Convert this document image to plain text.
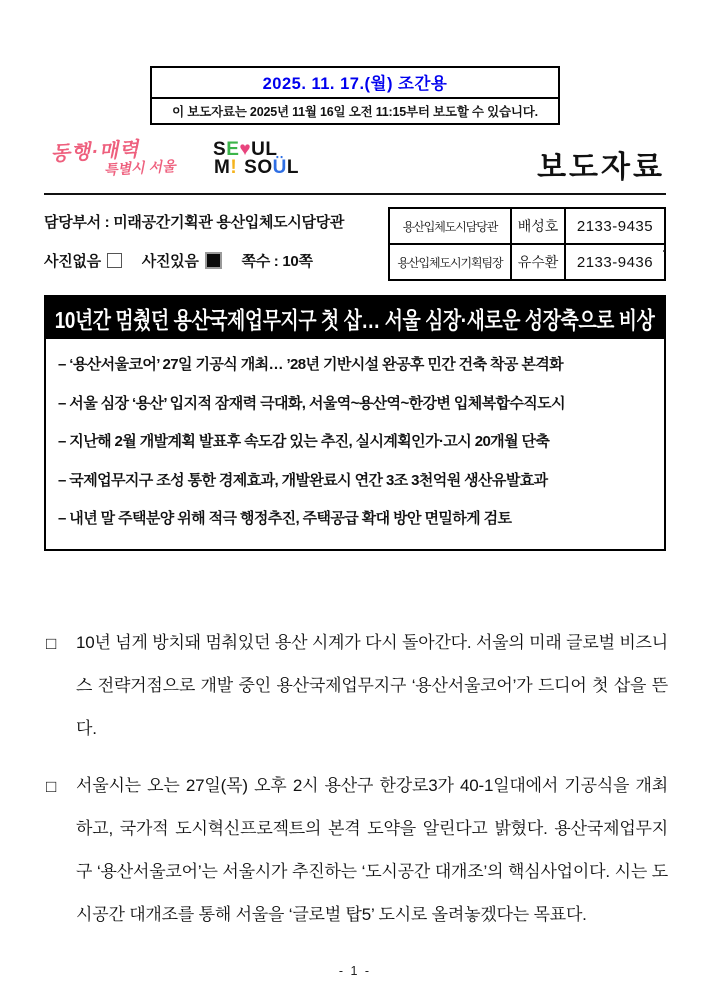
2025. 11. 17.(월) 조간용
이 보도자료는 2025년 11월 16일 오전 11:15부터 보도할 수 있습니다.
동행·매력
특별시 서울
SE♥UL
M! SOÜL	보도자료
담당부서 : 미래공간기획관 용산입체도시담당관
사진없음	사진있음	쪽수 :
10쪽
용산입체도시담당관	배성호	2133-9435
용산입체도시기획팀장	유수환	2133-9436
.
10년간 멈췄던 용산국제업무지구 첫 삽… 서울 심장·새로운 성장축으로 비상
– ‘용산서울코어’ 27일 기공식 개최… ’28년 기반시설 완공후 민간 건축 착공 본격화
– 서울 심장 ‘용산’ 입지적 잠재력 극대화, 서울역~용산역~한강변 입체복합수직도시
– 지난해 2월 개발계획 발표후 속도감 있는 추진, 실시계획인가·고시 20개월 단축
– 국제업무지구 조성 통한 경제효과, 개발완료시 연간 3조 3천억원 생산유발효과
– 내년 말 주택분양 위해 적극 행정추진, 주택공급 확대 방안 면밀하게 검토
□ 10년 넘게 방치돼 멈춰있던 용산 시계가 다시 돌아간다. 서울의 미래 글로벌 비즈니스 전략거점으로 개발 중인 용산국제업무지구 ‘용산서울코어’가 드디어 첫 삽을 뜬다.
□ 서울시는 오는 27일(목) 오후 2시 용산구 한강로3가 40-1일대에서 기공식을 개최하고, 국가적 도시혁신프로젝트의 본격 도약을 알린다고 밝혔다. 용산국제업무지구 ‘용산서울코어’는 서울시가 추진하는 ‘도시공간 대개조’의 핵심사업이다. 시는 도시공간 대개조를 통해 서울을 ‘글로벌 탑5’ 도시로 올려놓겠다는 목표다.
- 1 -
